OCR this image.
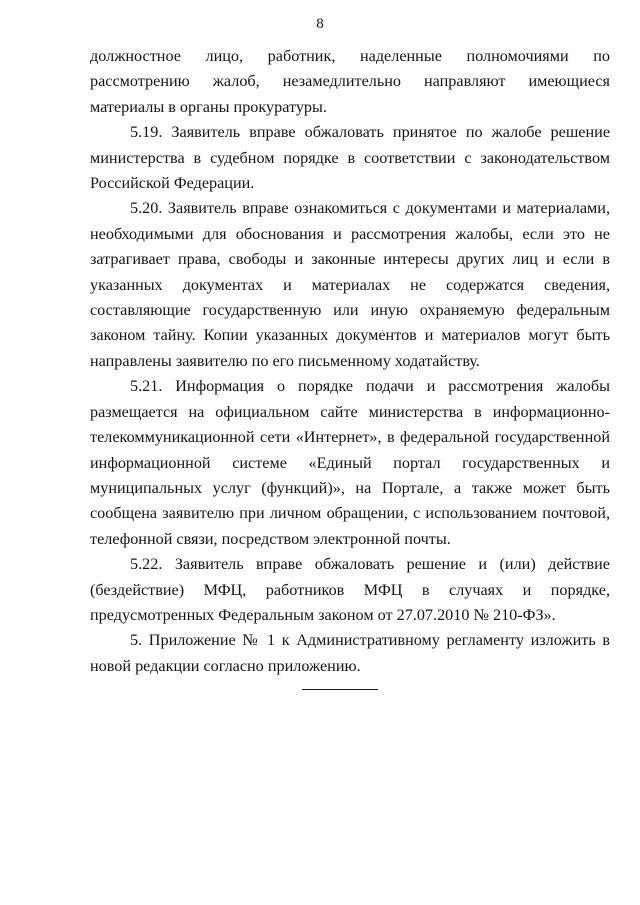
8

должностное лицо, работник, наделенные полномочиями по рассмотрению жалоб, незамедлительно направляют имеющиеся материалы в органы прокуратуры.

5.19. Заявитель вправе обжаловать принятое по жалобе решение министерства в судебном порядке в соответствии с законодательством Российской Федерации.

5.20. Заявитель вправе ознакомиться с документами и материалами, необходимыми для обоснования и рассмотрения жалобы, если это не затрагивает права, свободы и законные интересы других лиц и если в указанных документах и материалах не содержатся сведения, составляющие государственную или иную охраняемую федеральным законом тайну. Копии указанных документов и материалов могут быть направлены заявителю по его письменному ходатайству.

5.21. Информация о порядке подачи и рассмотрения жалобы размещается на официальном сайте министерства в информационно-телекоммуникационной сети «Интернет», в федеральной государственной информационной системе «Единый портал государственных и муниципальных услуг (функций)», на Портале, а также может быть сообщена заявителю при личном обращении, с использованием почтовой, телефонной связи, посредством электронной почты.

5.22. Заявитель вправе обжаловать решение и (или) действие (бездействие) МФЦ, работников МФЦ в случаях и порядке, предусмотренных Федеральным законом от 27.07.2010 № 210-ФЗ».

5. Приложение № 1 к Административному регламенту изложить в новой редакции согласно приложению.
